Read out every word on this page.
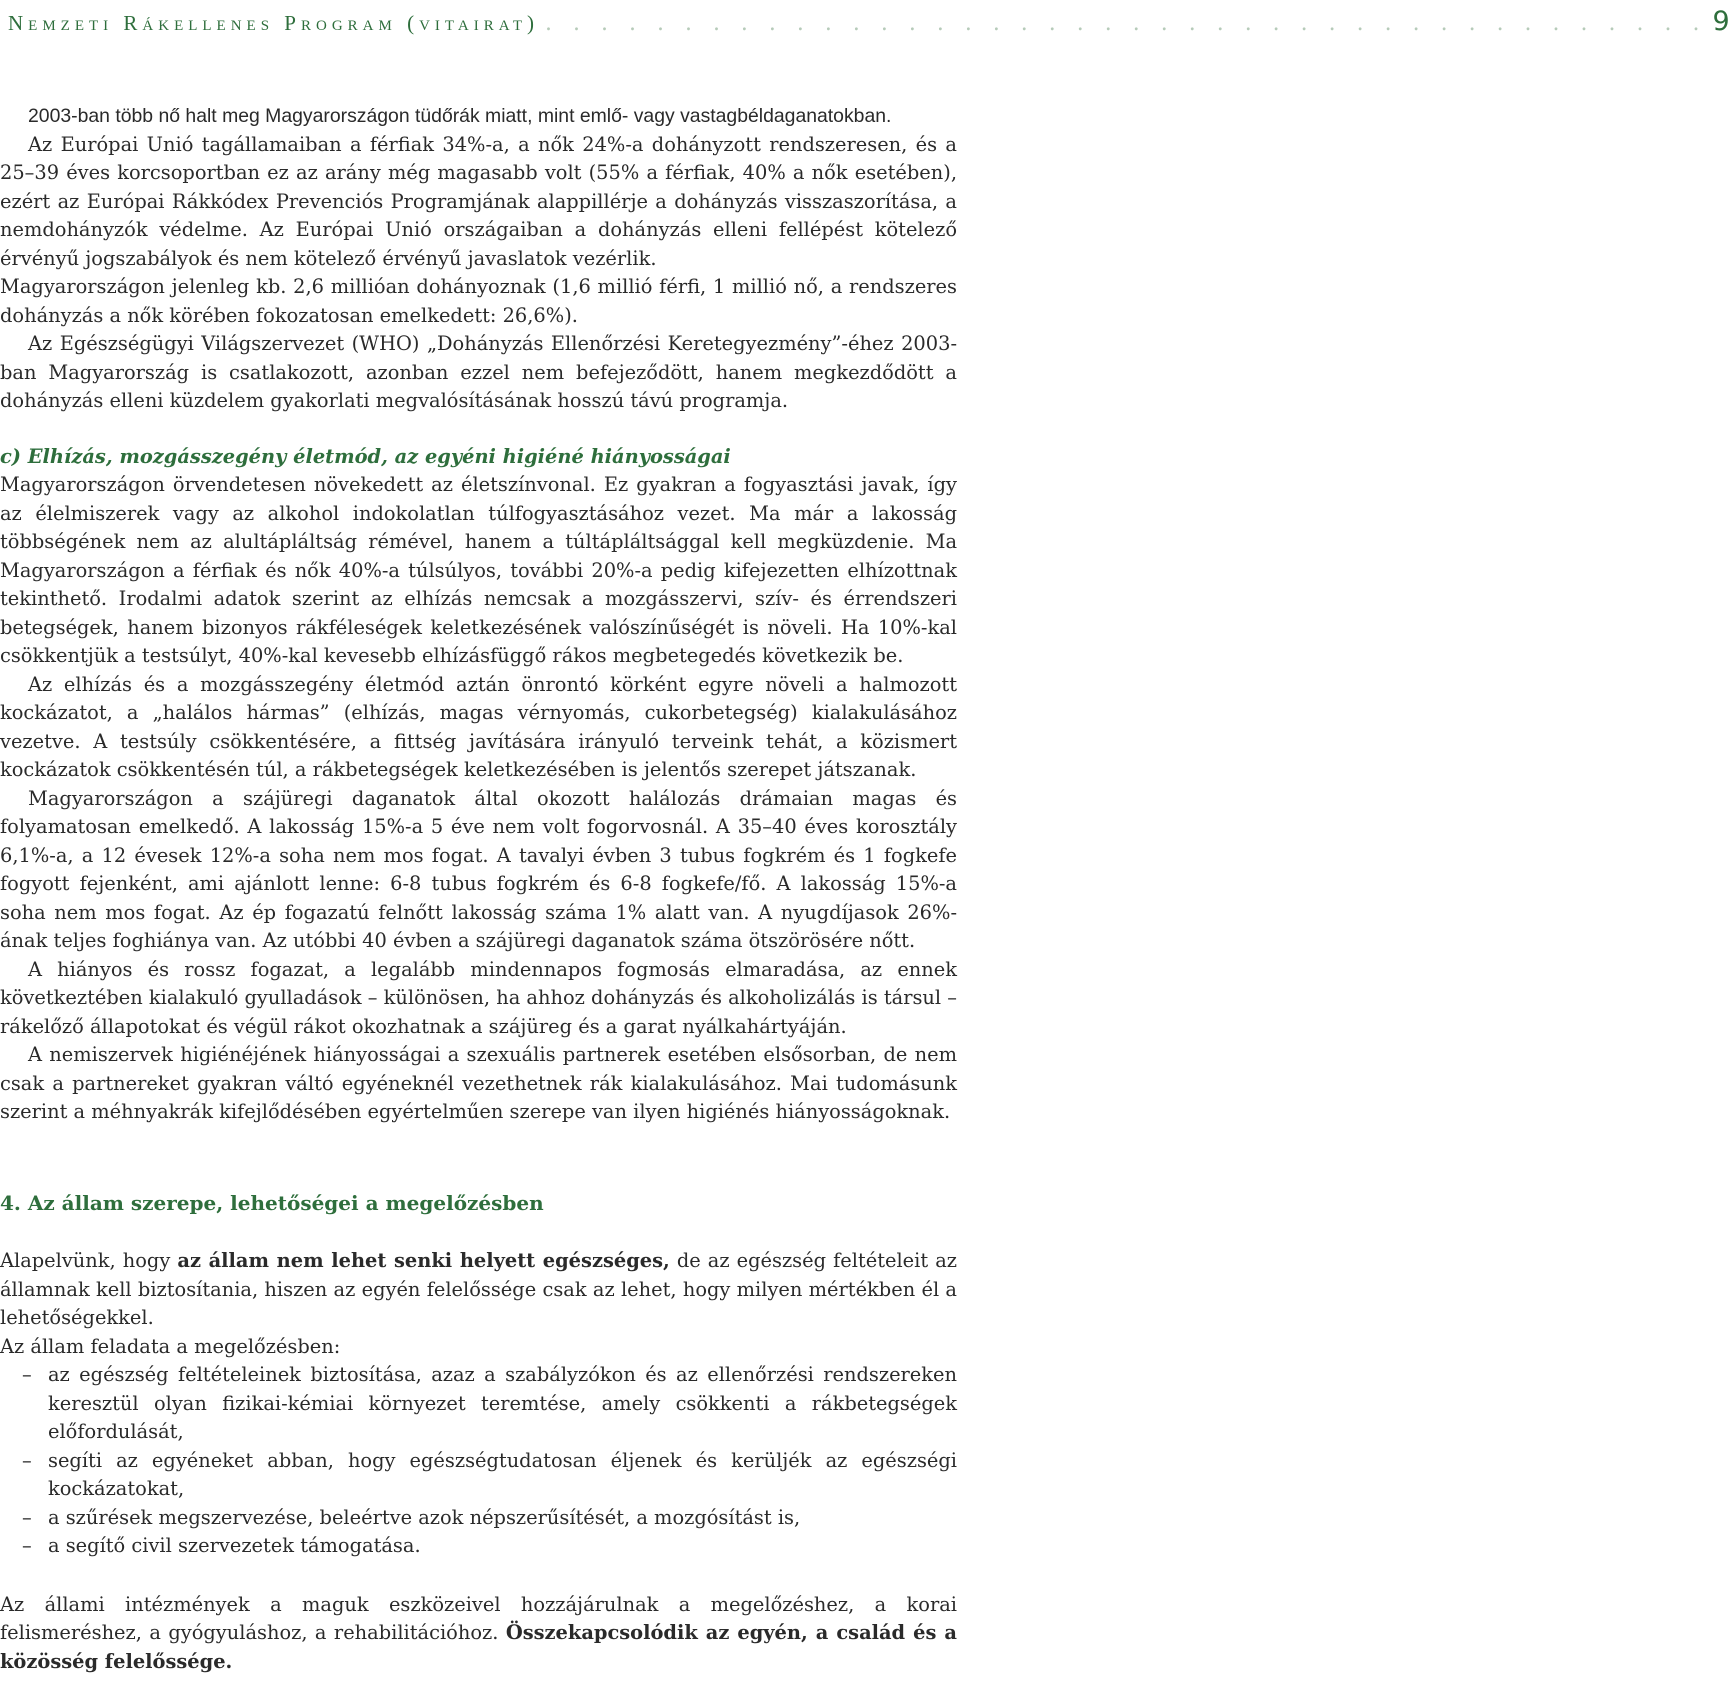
Nemzeti Rákellenes Program (vitairat) . . . . . . . . . . . . . . . . . . . . . . . . . . . . . . . . . . . . . . . . . . 9

2003-ban több nő halt meg Magyarországon tüdőrák miatt, mint emlő- vagy vastagbéldaganatokban.

Az Európai Unió tagállamaiban a férfiak 34%-a, a nők 24%-a dohányzott rendszeresen, és a 25–39 éves korcsoportban ez az arány még magasabb volt (55% a férfiak, 40% a nők esetében), ezért az Európai Rákkódex Prevenciós Programjának alappillérje a dohányzás visszaszorítása, a nemdohányzók védelme. Az Európai Unió országaiban a dohányzás elleni fellépést kötelező érvényű jogszabályok és nem kötelező érvényű javaslatok vezérlik.

Magyarországon jelenleg kb. 2,6 millióan dohányoznak (1,6 millió férfi, 1 millió nő, a rendszeres dohányzás a nők körében fokozatosan emelkedett: 26,6%).

Az Egészségügyi Világszervezet (WHO) „Dohányzás Ellenőrzési Keretegyezmény”-éhez 2003-ban Magyarország is csatlakozott, azonban ezzel nem befejeződött, hanem megkezdődött a dohányzás elleni küzdelem gyakorlati megvalósításának hosszú távú programja.

c) Elhízás, mozgásszegény életmód, az egyéni higiéné hiányosságai

Magyarországon örvendetesen növekedett az életszínvonal. Ez gyakran a fogyasztási javak, így az élelmiszerek vagy az alkohol indokolatlan túlfogyasztásához vezet. Ma már a lakosság többségének nem az alultápláltság rémével, hanem a túltápláltsággal kell megküzdenie. Ma Magyarországon a férfiak és nők 40%-a túlsúlyos, további 20%-a pedig kifejezetten elhízottnak tekinthető. Irodalmi adatok szerint az elhízás nemcsak a mozgásszervi, szív- és érrendszeri betegségek, hanem bizonyos rákféleségek keletkezésének valószínűségét is növeli. Ha 10%-kal csökkentjük a testsúlyt, 40%-kal kevesebb elhízásfüggő rákos megbetegedés következik be.

Az elhízás és a mozgásszegény életmód aztán önrontó körként egyre növeli a halmozott kockázatot, a „halálos hármas” (elhízás, magas vérnyomás, cukorbetegség) kialakulásához vezetve. A testsúly csökkentésére, a fittség javítására irányuló terveink tehát, a közismert kockázatok csökkentésén túl, a rákbetegségek keletkezésében is jelentős szerepet játszanak.

Magyarországon a szájüregi daganatok által okozott halálozás drámaian magas és folyamatosan emelkedő. A lakosság 15%-a 5 éve nem volt fogorvosnál. A 35–40 éves korosztály 6,1%-a, a 12 évesek 12%-a soha nem mos fogat. A tavalyi évben 3 tubus fogkrém és 1 fogkefe fogyott fejenként, ami ajánlott lenne: 6-8 tubus fogkrém és 6-8 fogkefe/fő. A lakosság 15%-a soha nem mos fogat. Az ép fogazatú felnőtt lakosság száma 1% alatt van. A nyugdíjasok 26%-ának teljes foghiánya van. Az utóbbi 40 évben a szájüregi daganatok száma ötszörösére nőtt.

A hiányos és rossz fogazat, a legalább mindennapos fogmosás elmaradása, az ennek következtében kialakuló gyulladások – különösen, ha ahhoz dohányzás és alkoholizálás is társul – rákelőző állapotokat és végül rákot okozhatnak a szájüreg és a garat nyálkahártyáján.

A nemiszervek higiénéjének hiányosságai a szexuális partnerek esetében elsősorban, de nem csak a partnereket gyakran váltó egyéneknél vezethetnek rák kialakulásához. Mai tudomásunk szerint a méhnyakrák kifejlődésében egyértelműen szerepe van ilyen higiénés hiányosságoknak.

4. Az állam szerepe, lehetőségei a megelőzésben

Alapelvünk, hogy az állam nem lehet senki helyett egészséges, de az egészség feltételeit az államnak kell biztosítania, hiszen az egyén felelőssége csak az lehet, hogy milyen mértékben él a lehetőségekkel.

Az állam feladata a megelőzésben:

– az egészség feltételeinek biztosítása, azaz a szabályzókon és az ellenőrzési rendszereken keresztül olyan fizikai-kémiai környezet teremtése, amely csökkenti a rákbetegségek előfordulását,
– segíti az egyéneket abban, hogy egészségtudatosan éljenek és kerüljék az egészségi kockázatokat,
– a szűrések megszervezése, beleértve azok népszerűsítését, a mozgósítást is,
– a segítő civil szervezetek támogatása.

Az állami intézmények a maguk eszközeivel hozzájárulnak a megelőzéshez, a korai felismeréshez, a gyógyuláshoz, a rehabilitációhoz. Összekapcsolódik az egyén, a család és a közösség felelőssége.
